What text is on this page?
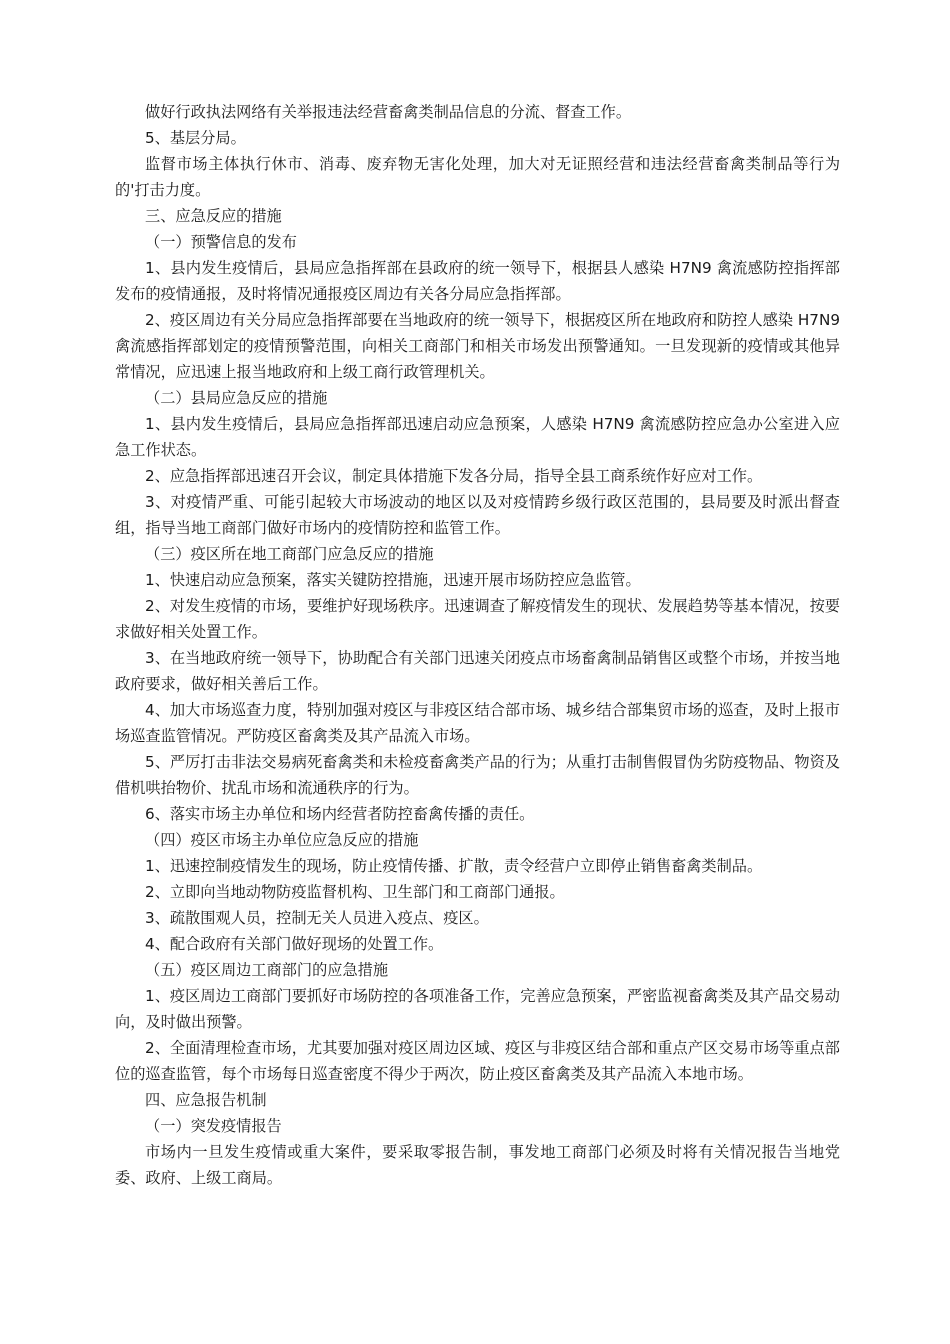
做好行政执法网络有关举报违法经营畜禽类制品信息的分流、督查工作。

5、基层分局。

监督市场主体执行休市、消毒、废弃物无害化处理，加大对无证照经营和违法经营畜禽类制品等行为的'打击力度。

三、应急反应的措施

（一）预警信息的发布

1、县内发生疫情后，县局应急指挥部在县政府的统一领导下，根据县人感染 H7N9 禽流感防控指挥部发布的疫情通报，及时将情况通报疫区周边有关各分局应急指挥部。

2、疫区周边有关分局应急指挥部要在当地政府的统一领导下，根据疫区所在地政府和防控人感染 H7N9 禽流感指挥部划定的疫情预警范围，向相关工商部门和相关市场发出预警通知。一旦发现新的疫情或其他异常情况，应迅速上报当地政府和上级工商行政管理机关。

（二）县局应急反应的措施

1、县内发生疫情后，县局应急指挥部迅速启动应急预案，人感染 H7N9 禽流感防控应急办公室进入应急工作状态。

2、应急指挥部迅速召开会议，制定具体措施下发各分局，指导全县工商系统作好应对工作。

3、对疫情严重、可能引起较大市场波动的地区以及对疫情跨乡级行政区范围的，县局要及时派出督查组，指导当地工商部门做好市场内的疫情防控和监管工作。

（三）疫区所在地工商部门应急反应的措施

1、快速启动应急预案，落实关键防控措施，迅速开展市场防控应急监管。

2、对发生疫情的市场，要维护好现场秩序。迅速调查了解疫情发生的现状、发展趋势等基本情况，按要求做好相关处置工作。

3、在当地政府统一领导下，协助配合有关部门迅速关闭疫点市场畜禽制品销售区或整个市场，并按当地政府要求，做好相关善后工作。

4、加大市场巡查力度，特别加强对疫区与非疫区结合部市场、城乡结合部集贸市场的巡查，及时上报市场巡查监管情况。严防疫区畜禽类及其产品流入市场。

5、严厉打击非法交易病死畜禽类和未检疫畜禽类产品的行为；从重打击制售假冒伪劣防疫物品、物资及借机哄抬物价、扰乱市场和流通秩序的行为。

6、落实市场主办单位和场内经营者防控畜禽传播的责任。

（四）疫区市场主办单位应急反应的措施

1、迅速控制疫情发生的现场，防止疫情传播、扩散，责令经营户立即停止销售畜禽类制品。

2、立即向当地动物防疫监督机构、卫生部门和工商部门通报。

3、疏散围观人员，控制无关人员进入疫点、疫区。

4、配合政府有关部门做好现场的处置工作。

（五）疫区周边工商部门的应急措施

1、疫区周边工商部门要抓好市场防控的各项准备工作，完善应急预案，严密监视畜禽类及其产品交易动向，及时做出预警。

2、全面清理检查市场，尤其要加强对疫区周边区域、疫区与非疫区结合部和重点产区交易市场等重点部位的巡查监管，每个市场每日巡查密度不得少于两次，防止疫区畜禽类及其产品流入本地市场。

四、应急报告机制

（一）突发疫情报告

市场内一旦发生疫情或重大案件，要采取零报告制，事发地工商部门必须及时将有关情况报告当地党委、政府、上级工商局。
